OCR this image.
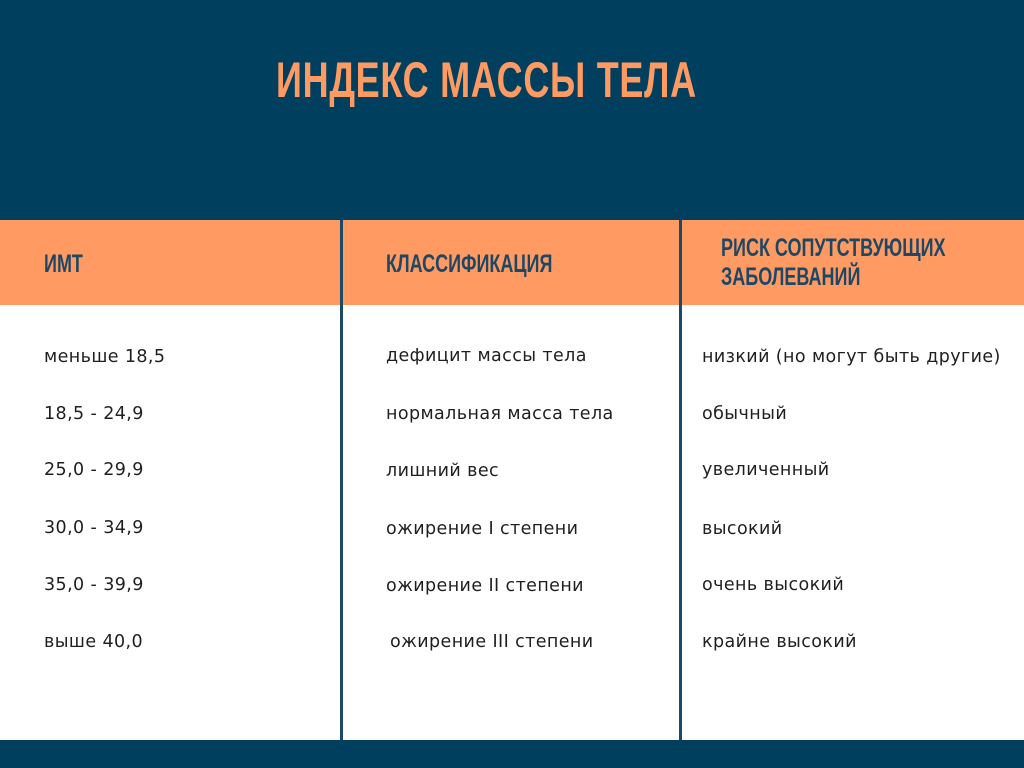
ИНДЕКС МАССЫ ТЕЛА
ИМТ	КЛАССИФИКАЦИЯ
РИСК СОПУТСТВУЮЩИХ
ЗАБОЛЕВАНИЙ
меньше 18,5	дефицит массы тела	низкий (но могут быть другие)
18,5 - 24,9	нормальная масса тела	обычный
25,0 - 29,9	лишний вес	увеличенный
30,0 - 34,9	ожирение I степени	высокий
35,0 - 39,9	ожирение II степени	очень высокий
выше 40,0	ожирение III степени	крайне высокий
